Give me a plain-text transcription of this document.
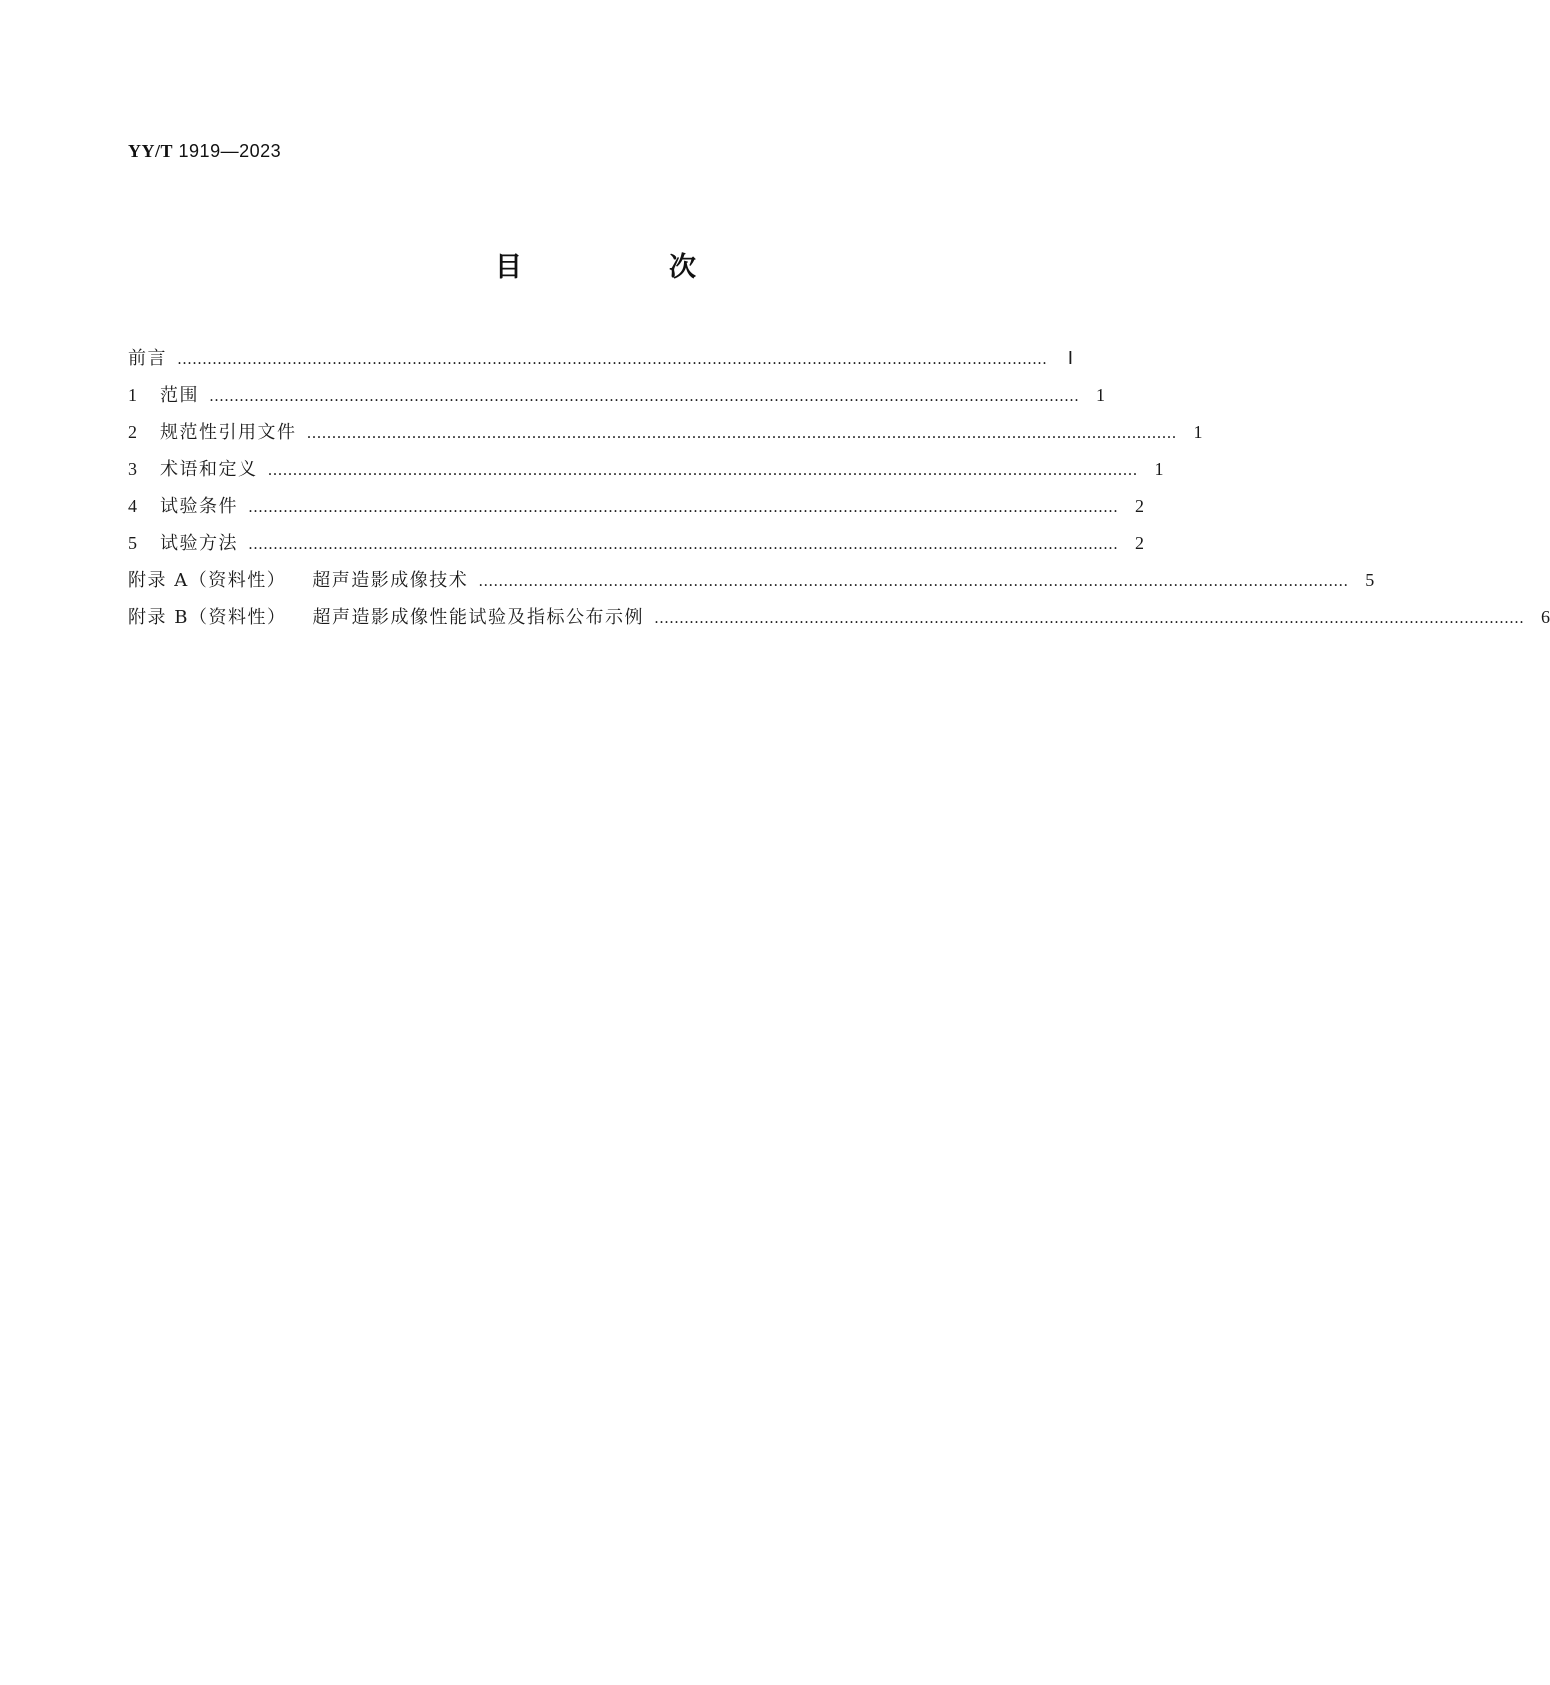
YY/T 1919—2023
目　次
前言 …………………………………………………………………………………………………………………………………………………………	Ⅰ
1	范围 ………………………………………………………………………………………………………………………………………………………… 1
2	规范性引用文件 ………………………………………………………………………………………………………………………………………………………… 1
3	术语和定义 ………………………………………………………………………………………………………………………………………………………… 1
4	试验条件 ………………………………………………………………………………………………………………………………………………………… 2
5	试验方法 ………………………………………………………………………………………………………………………………………………………… 2
附录 A（资料性） 超声造影成像技术 ………………………………………………………………………………………………………………………………………………………… 5
附录 B（资料性） 超声造影成像性能试验及指标公布示例 ………………………………………………………………………………………………………………………………………………………… 6
